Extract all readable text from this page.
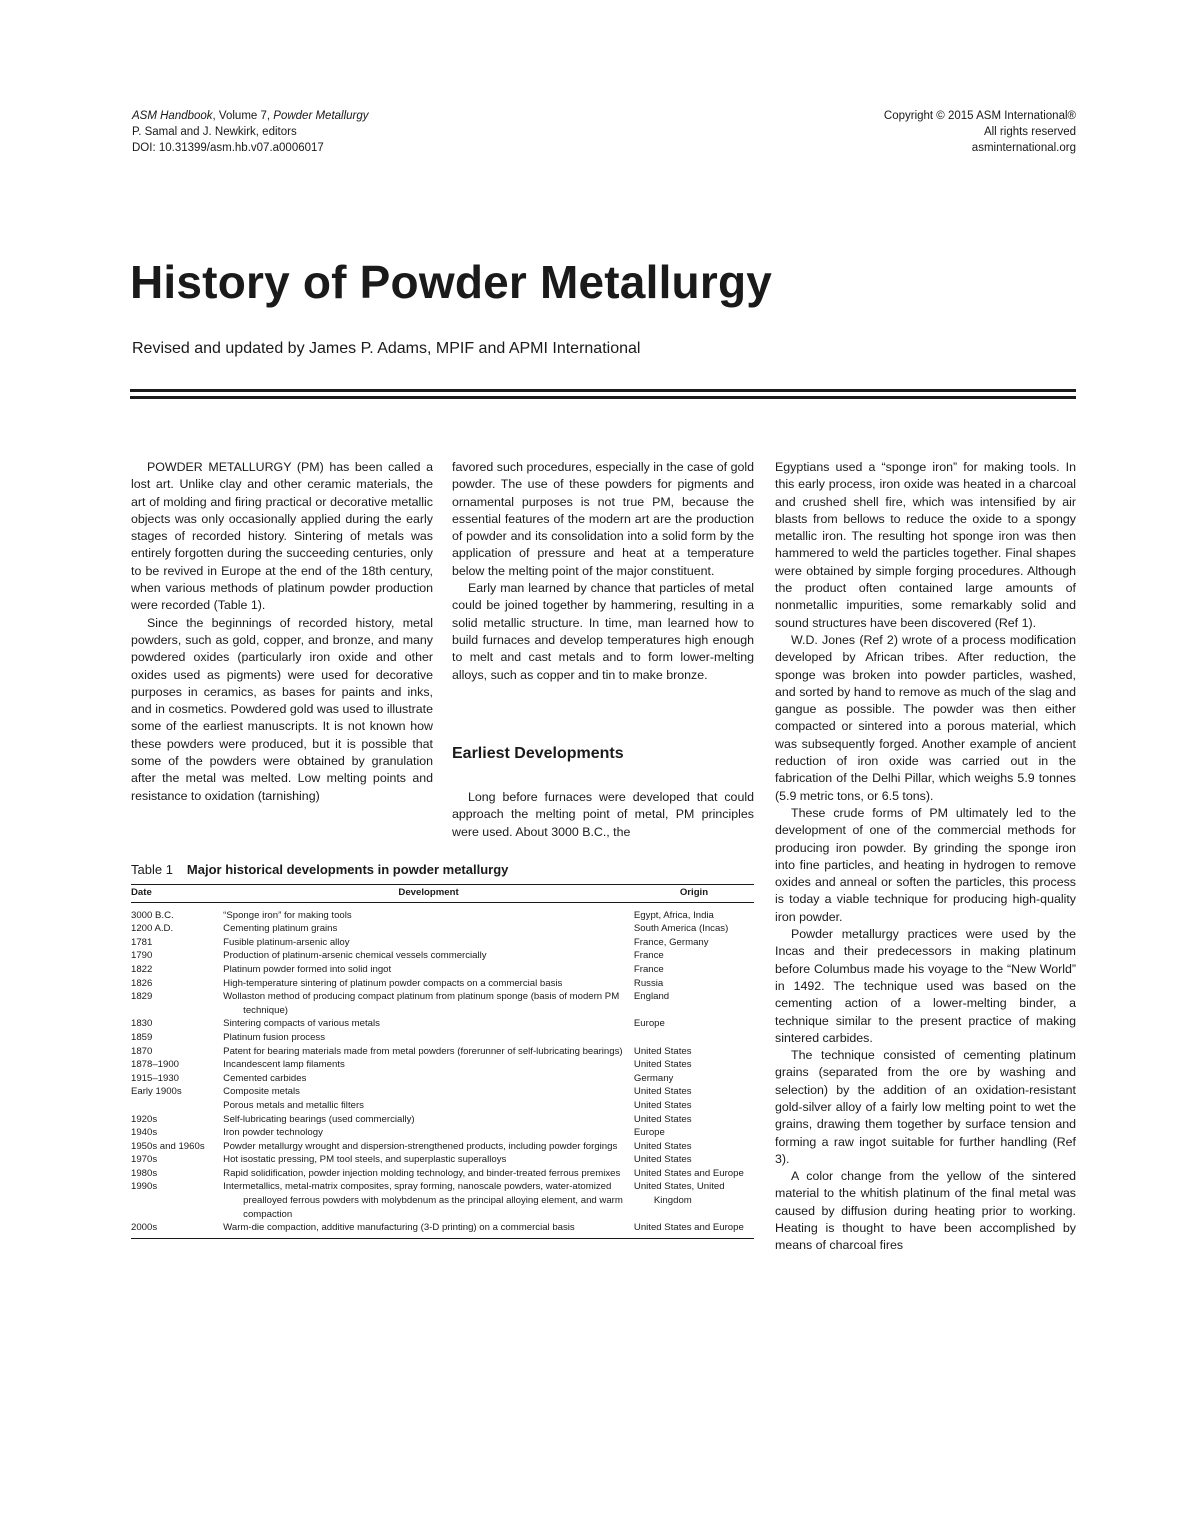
ASM Handbook, Volume 7, Powder Metallurgy
P. Samal and J. Newkirk, editors
DOI: 10.31399/asm.hb.v07.a0006017
Copyright © 2015 ASM International®
All rights reserved
asminternational.org
History of Powder Metallurgy
Revised and updated by James P. Adams, MPIF and APMI International

POWDER METALLURGY (PM) has been called a lost art. Unlike clay and other ceramic materials, the art of molding and firing practical or decorative metallic objects was only occasionally applied during the early stages of recorded history. Sintering of metals was entirely forgotten during the succeeding centuries, only to be revived in Europe at the end of the 18th century, when various methods of platinum powder production were recorded (Table 1).

Since the beginnings of recorded history, metal powders, such as gold, copper, and bronze, and many powdered oxides (particularly iron oxide and other oxides used as pigments) were used for decorative purposes in ceramics, as bases for paints and inks, and in cosmetics. Powdered gold was used to illustrate some of the earliest manuscripts. It is not known how these powders were produced, but it is possible that some of the powders were obtained by granulation after the metal was melted. Low melting points and resistance to oxidation (tarnishing)

favored such procedures, especially in the case of gold powder. The use of these powders for pigments and ornamental purposes is not true PM, because the essential features of the modern art are the production of powder and its consolidation into a solid form by the application of pressure and heat at a temperature below the melting point of the major constituent.

Early man learned by chance that particles of metal could be joined together by hammering, resulting in a solid metallic structure. In time, man learned how to build furnaces and develop temperatures high enough to melt and cast metals and to form lower-melting alloys, such as copper and tin to make bronze.

Earliest Developments

Long before furnaces were developed that could approach the melting point of metal, PM principles were used. About 3000 B.C., the

Egyptians used a “sponge iron” for making tools. In this early process, iron oxide was heated in a charcoal and crushed shell fire, which was intensified by air blasts from bellows to reduce the oxide to a spongy metallic iron. The resulting hot sponge iron was then hammered to weld the particles together. Final shapes were obtained by simple forging procedures. Although the product often contained large amounts of nonmetallic impurities, some remarkably solid and sound structures have been discovered (Ref 1).

W.D. Jones (Ref 2) wrote of a process modification developed by African tribes. After reduction, the sponge was broken into powder particles, washed, and sorted by hand to remove as much of the slag and gangue as possible. The powder was then either compacted or sintered into a porous material, which was subsequently forged. Another example of ancient reduction of iron oxide was carried out in the fabrication of the Delhi Pillar, which weighs 5.9 tonnes (5.9 metric tons, or 6.5 tons).

These crude forms of PM ultimately led to the development of one of the commercial methods for producing iron powder. By grinding the sponge iron into fine particles, and heating in hydrogen to remove oxides and anneal or soften the particles, this process is today a viable technique for producing high-quality iron powder.

Powder metallurgy practices were used by the Incas and their predecessors in making platinum before Columbus made his voyage to the “New World” in 1492. The technique used was based on the cementing action of a lower-melting binder, a technique similar to the present practice of making sintered carbides.

The technique consisted of cementing platinum grains (separated from the ore by washing and selection) by the addition of an oxidation-resistant gold-silver alloy of a fairly low melting point to wet the grains, drawing them together by surface tension and forming a raw ingot suitable for further handling (Ref 3).

A color change from the yellow of the sintered material to the whitish platinum of the final metal was caused by diffusion during heating prior to working. Heating is thought to have been accomplished by means of charcoal fires

Table 1 Major historical developments in powder metallurgy
Date	Development	Origin
3000 B.C.	“Sponge iron” for making tools	Egypt, Africa, India
1200 A.D.	Cementing platinum grains	South America (Incas)
1781	Fusible platinum-arsenic alloy	France, Germany
1790	Production of platinum-arsenic chemical vessels commercially	France
1822	Platinum powder formed into solid ingot	France
1826	High-temperature sintering of platinum powder compacts on a commercial basis	Russia
1829	Wollaston method of producing compact platinum from platinum sponge (basis of modern PM technique)	England
1830	Sintering compacts of various metals	Europe
1859	Platinum fusion process	
1870	Patent for bearing materials made from metal powders (forerunner of self-lubricating bearings)	United States
1878–1900	Incandescent lamp filaments	United States
1915–1930	Cemented carbides	Germany
Early 1900s	Composite metals	United States
	Porous metals and metallic filters	United States
1920s	Self-lubricating bearings (used commercially)	United States
1940s	Iron powder technology	Europe
1950s and 1960s	Powder metallurgy wrought and dispersion-strengthened products, including powder forgings	United States
1970s	Hot isostatic pressing, PM tool steels, and superplastic superalloys	United States
1980s	Rapid solidification, powder injection molding technology, and binder-treated ferrous premixes	United States and Europe
1990s	Intermetallics, metal-matrix composites, spray forming, nanoscale powders, water-atomized prealloyed ferrous powders with molybdenum as the principal alloying element, and warm compaction	United States, United Kingdom
2000s	Warm-die compaction, additive manufacturing (3-D printing) on a commercial basis	United States and Europe
